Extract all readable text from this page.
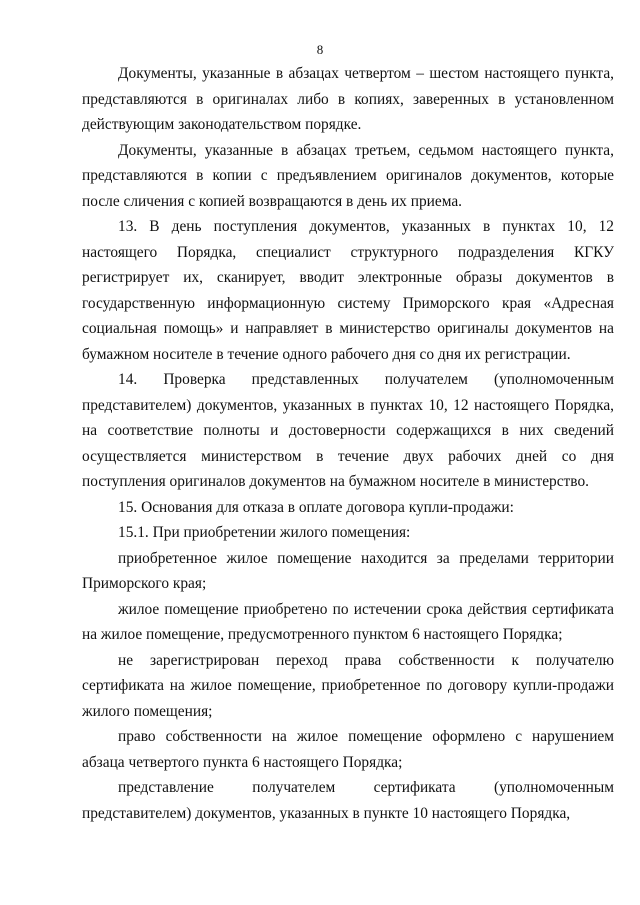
8

Документы, указанные в абзацах четвертом – шестом настоящего пункта, представляются в оригиналах либо в копиях, заверенных в установленном действующим законодательством порядке.

Документы, указанные в абзацах третьем, седьмом настоящего пункта, представляются в копии с предъявлением оригиналов документов, которые после сличения с копией возвращаются в день их приема.

13. В день поступления документов, указанных в пунктах 10, 12 настоящего Порядка, специалист структурного подразделения КГКУ регистрирует их, сканирует, вводит электронные образы документов в государственную информационную систему Приморского края «Адресная социальная помощь» и направляет в министерство оригиналы документов на бумажном носителе в течение одного рабочего дня со дня их регистрации.

14. Проверка представленных получателем (уполномоченным представителем) документов, указанных в пунктах 10, 12 настоящего Порядка, на соответствие полноты и достоверности содержащихся в них сведений осуществляется министерством в течение двух рабочих дней со дня поступления оригиналов документов на бумажном носителе в министерство.

15. Основания для отказа в оплате договора купли-продажи:

15.1. При приобретении жилого помещения:

приобретенное жилое помещение находится за пределами территории Приморского края;

жилое помещение приобретено по истечении срока действия сертификата на жилое помещение, предусмотренного пунктом 6 настоящего Порядка;

не зарегистрирован переход права собственности к получателю сертификата на жилое помещение, приобретенное по договору купли-продажи жилого помещения;

право собственности на жилое помещение оформлено с нарушением абзаца четвертого пункта 6 настоящего Порядка;

представление получателем сертификата (уполномоченным представителем) документов, указанных в пункте 10 настоящего Порядка,
